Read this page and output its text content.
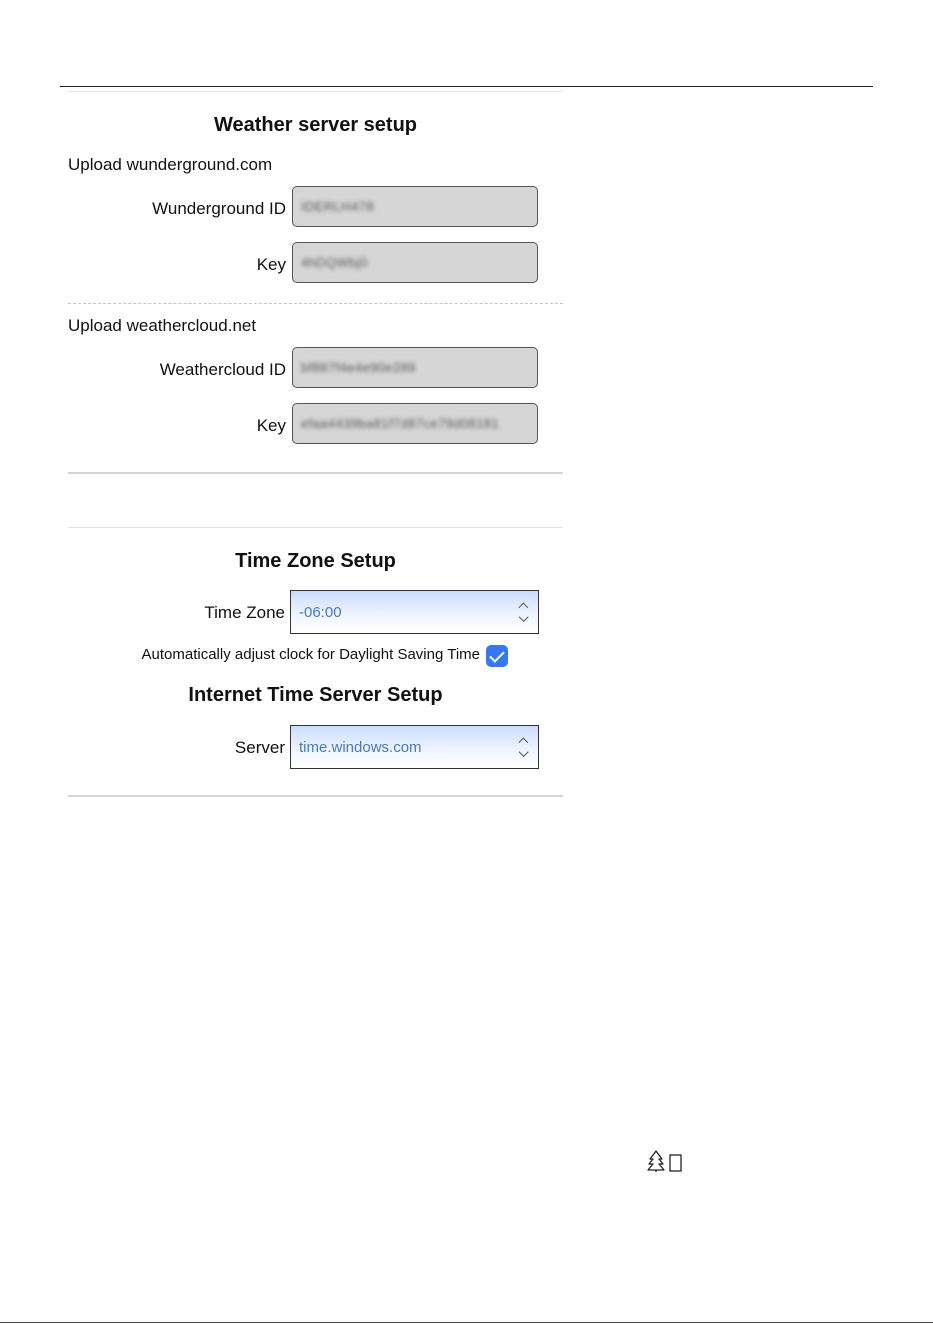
Weather server setup
Upload wunderground.com
Wunderground ID IDERLH478
Key 4hDQWbj0
Upload weathercloud.net
Weathercloud ID bf887f4e4e90e289
Key efaa4439ba81f7d87ce79d08181
Time Zone Setup
Time Zone -06:00
Automatically adjust clock for Daylight Saving Time
Internet Time Server Setup
Server time.windows.com
